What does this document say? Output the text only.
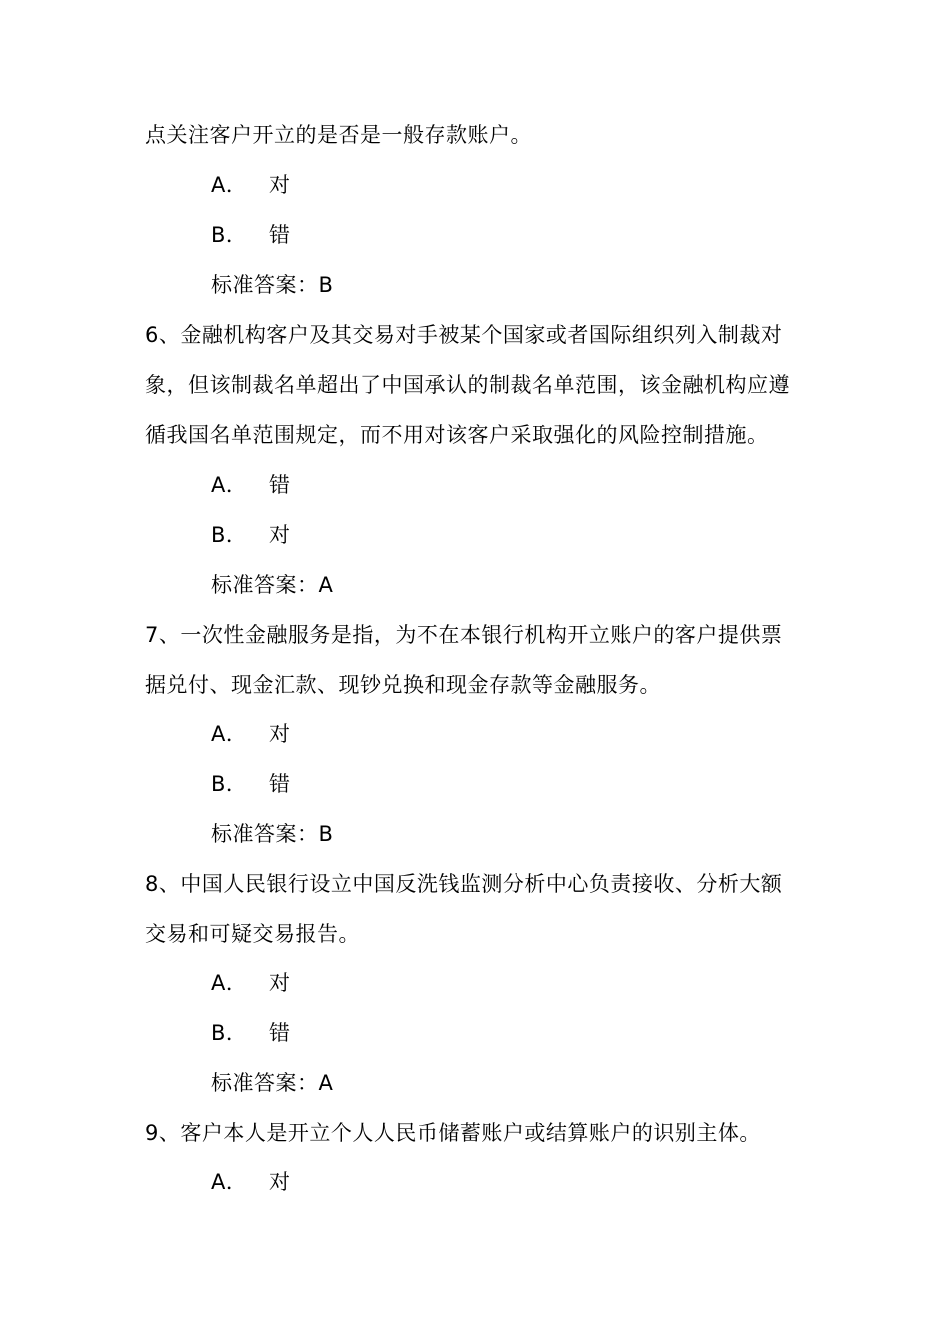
点关注客户开立的是否是一般存款账户。
A． 对
B． 错
标准答案：B
6、金融机构客户及其交易对手被某个国家或者国际组织列入制裁对
象，但该制裁名单超出了中国承认的制裁名单范围，该金融机构应遵
循我国名单范围规定，而不用对该客户采取强化的风险控制措施。
A． 错
B． 对
标准答案：A
7、一次性金融服务是指，为不在本银行机构开立账户的客户提供票
据兑付、现金汇款、现钞兑换和现金存款等金融服务。
A． 对
B． 错
标准答案：B
8、中国人民银行设立中国反洗钱监测分析中心负责接收、分析大额
交易和可疑交易报告。
A． 对
B． 错
标准答案：A
9、客户本人是开立个人人民币储蓄账户或结算账户的识别主体。
A． 对
